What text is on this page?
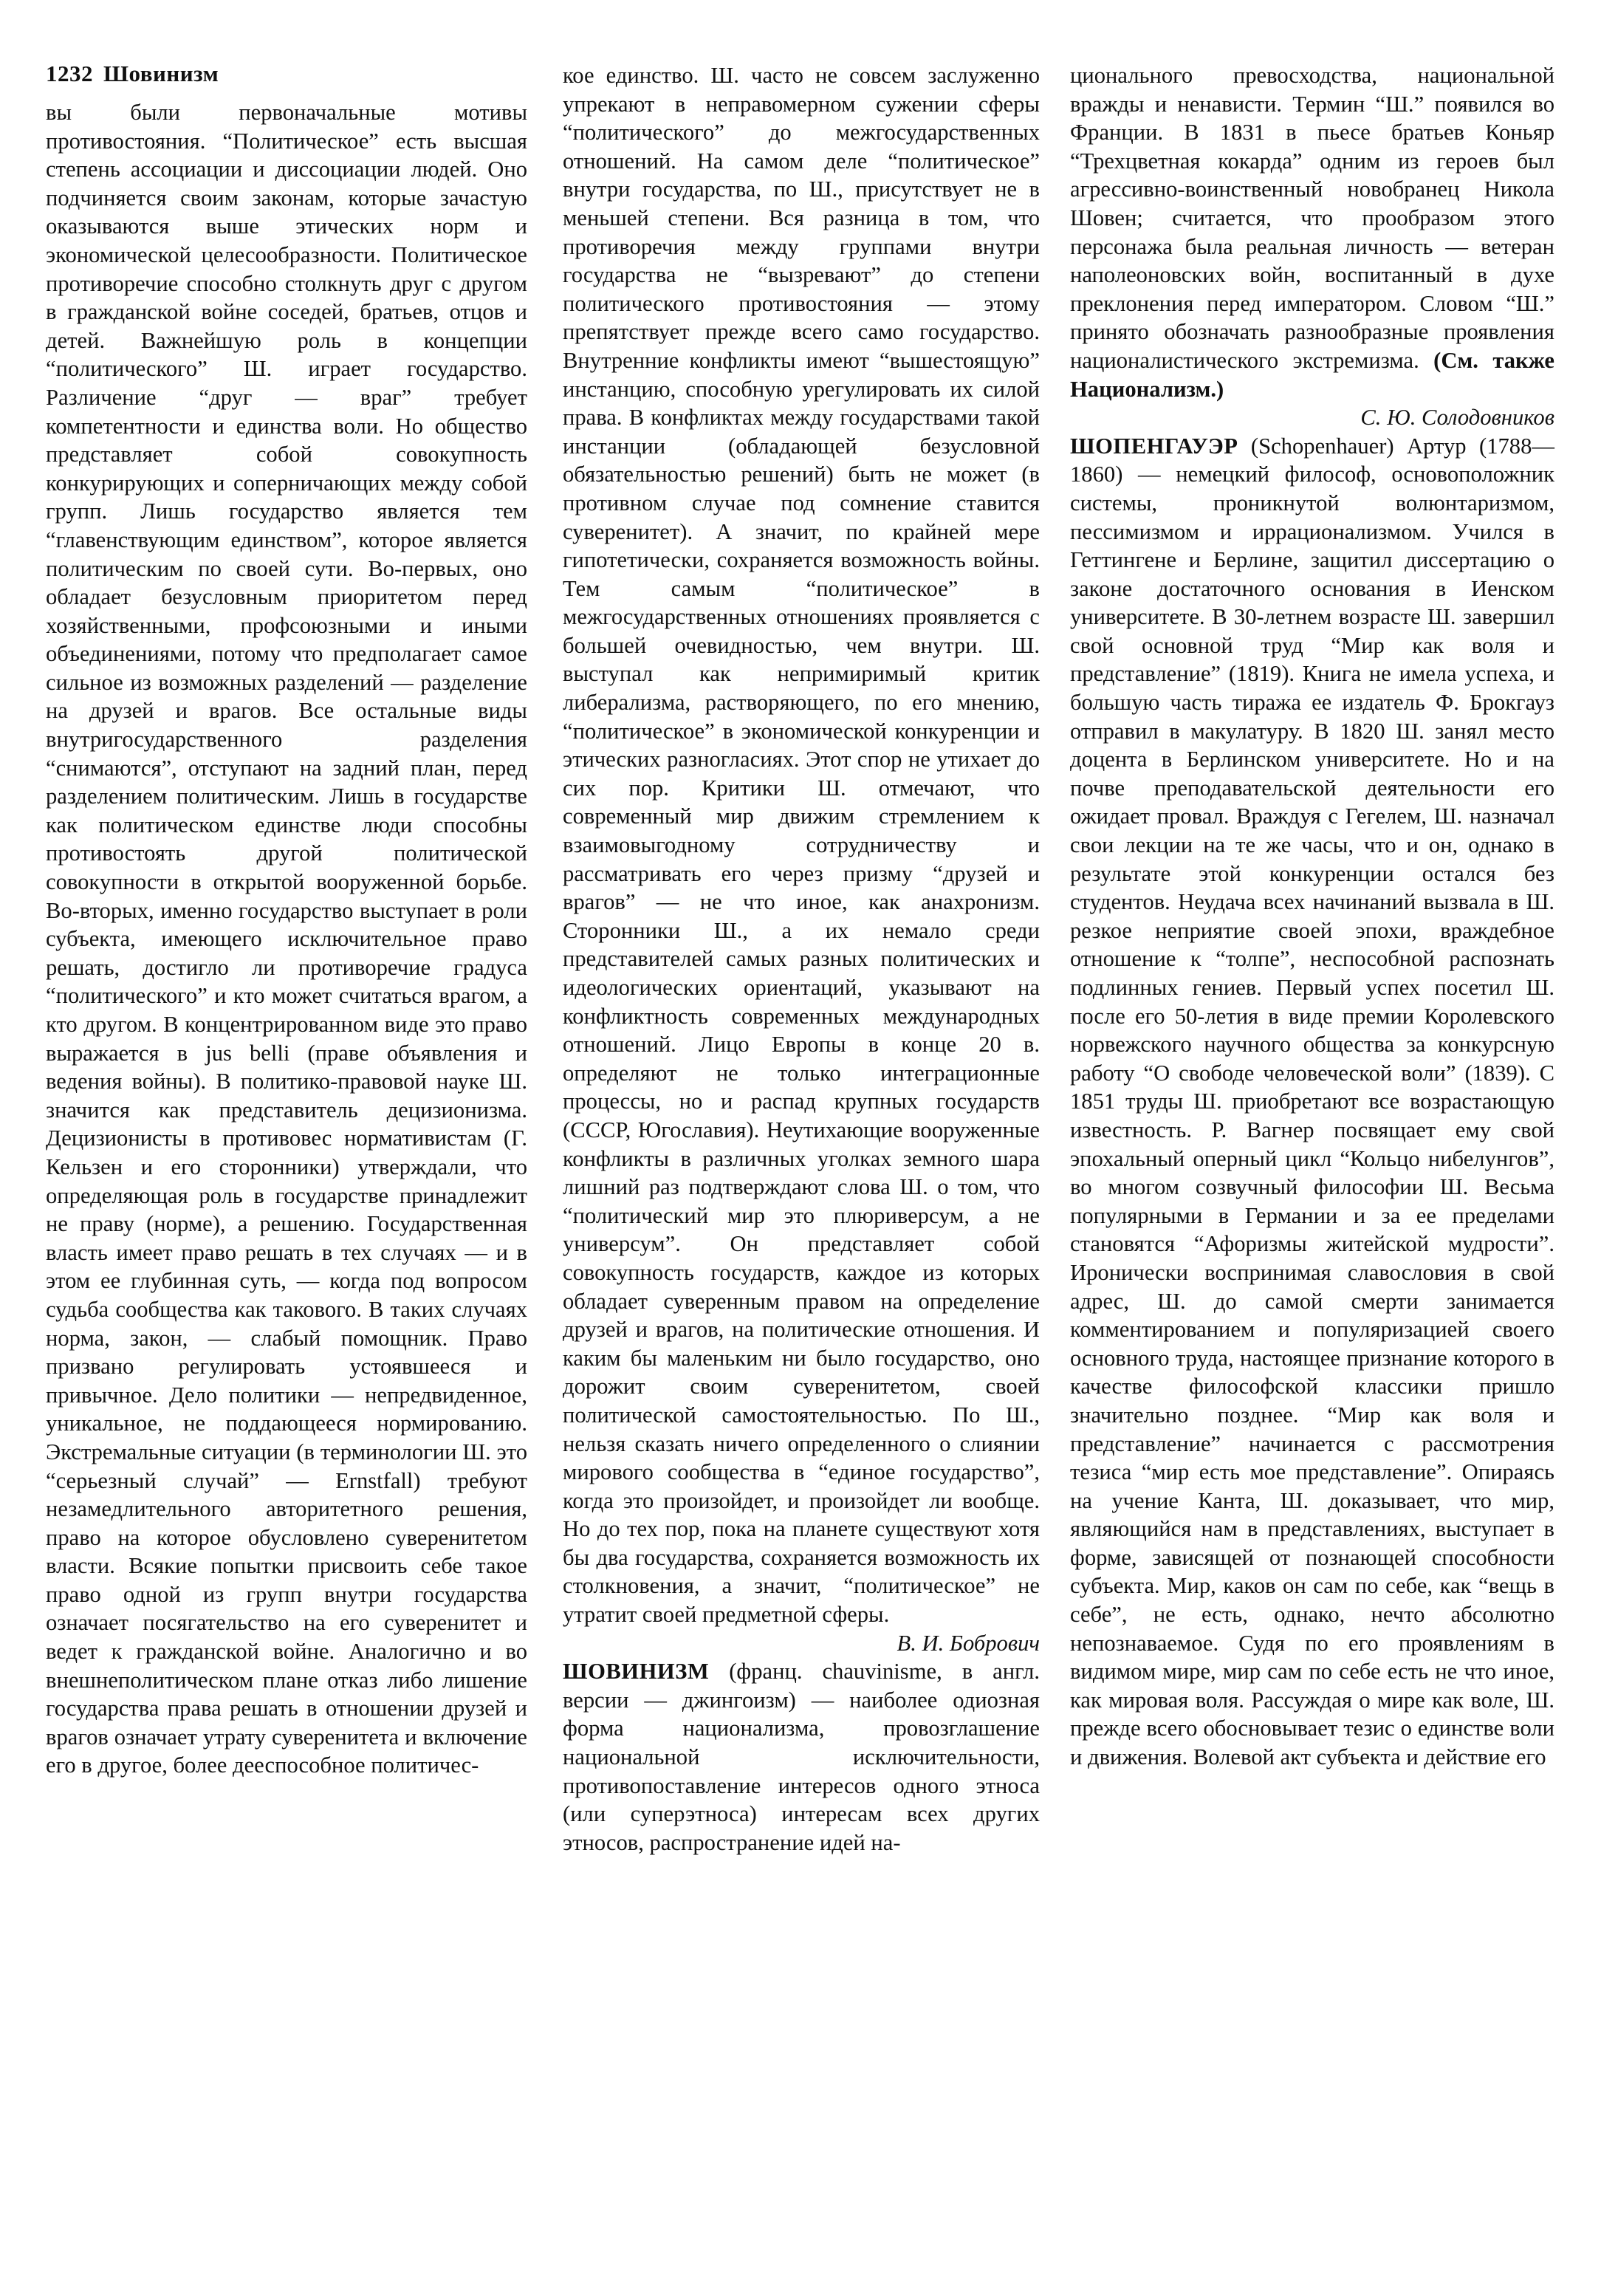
1232 Шовинизм

вы были первоначальные мотивы противостояния. “Политическое” есть высшая степень ассоциации и диссоциации людей. Оно подчиняется своим законам, которые зачастую оказываются выше этических норм и экономической целесообразности. Политическое противоречие способно столкнуть друг с другом в гражданской войне соседей, братьев, отцов и детей. Важнейшую роль в концепции “политического” Ш. играет государство. Различение “друг — враг” требует компетентности и единства воли. Но общество представляет собой совокупность конкурирующих и соперничающих между собой групп. Лишь государство является тем “главенствующим единством”, которое является политическим по своей сути. Во-первых, оно обладает безусловным приоритетом перед хозяйственными, профсоюзными и иными объединениями, потому что предполагает самое сильное из возможных разделений — разделение на друзей и врагов. Все остальные виды внутригосударственного разделения “снимаются”, отступают на задний план, перед разделением политическим. Лишь в государстве как политическом единстве люди способны противостоять другой политической совокупности в открытой вооруженной борьбе. Во-вторых, именно государство выступает в роли субъекта, имеющего исключительное право решать, достигло ли противоречие градуса “политического” и кто может считаться врагом, а кто другом. В концентрированном виде это право выражается в jus belli (праве объявления и ведения войны). В политико-правовой науке Ш. значится как представитель децизионизма. Децизионисты в противовес нормативистам (Г. Кельзен и его сторонники) утверждали, что определяющая роль в государстве принадлежит не праву (норме), а решению. Государственная власть имеет право решать в тех случаях — и в этом ее глубинная суть, — когда под вопросом судьба сообщества как такового. В таких случаях норма, закон, — слабый помощник. Право призвано регулировать устоявшееся и привычное. Дело политики — непредвиденное, уникальное, не поддающееся нормированию. Экстремальные ситуации (в терминологии Ш. это “серьезный случай” — Ernstfall) требуют незамедлительного авторитетного решения, право на которое обусловлено суверенитетом власти. Всякие попытки присвоить себе такое право одной из групп внутри государства означает посягательство на его суверенитет и ведет к гражданской войне. Аналогично и во внешнеполитическом плане отказ либо лишение государства права решать в отношении друзей и врагов означает утрату суверенитета и включение его в другое, более дееспособное политичес-

кое единство. Ш. часто не совсем заслуженно упрекают в неправомерном сужении сферы “политического” до межгосударственных отношений. На самом деле “политическое” внутри государства, по Ш., присутствует не в меньшей степени. Вся разница в том, что противоречия между группами внутри государства не “вызревают” до степени политического противостояния — этому препятствует прежде всего само государство. Внутренние конфликты имеют “вышестоящую” инстанцию, способную урегулировать их силой права. В конфликтах между государствами такой инстанции (обладающей безусловной обязательностью решений) быть не может (в противном случае под сомнение ставится суверенитет). А значит, по крайней мере гипотетически, сохраняется возможность войны. Тем самым “политическое” в межгосударственных отношениях проявляется с большей очевидностью, чем внутри. Ш. выступал как непримиримый критик либерализма, растворяющего, по его мнению, “политическое” в экономической конкуренции и этических разногласиях. Этот спор не утихает до сих пор. Критики Ш. отмечают, что современный мир движим стремлением к взаимовыгодному сотрудничеству и рассматривать его через призму “друзей и врагов” — не что иное, как анахронизм. Сторонники Ш., а их немало среди представителей самых разных политических и идеологических ориентаций, указывают на конфликтность современных международных отношений. Лицо Европы в конце 20 в. определяют не только интеграционные процессы, но и распад крупных государств (СССР, Югославия). Неутихающие вооруженные конфликты в различных уголках земного шара лишний раз подтверждают слова Ш. о том, что “политический мир это плюриверсум, а не универсум”. Он представляет собой совокупность государств, каждое из которых обладает суверенным правом на определение друзей и врагов, на политические отношения. И каким бы маленьким ни было государство, оно дорожит своим суверенитетом, своей политической самостоятельностью. По Ш., нельзя сказать ничего определенного о слиянии мирового сообщества в “единое государство”, когда это произойдет, и произойдет ли вообще. Но до тех пор, пока на планете существуют хотя бы два государства, сохраняется возможность их столкновения, а значит, “политическое” не утратит своей предметной сферы.

В. И. Бобрович

ШОВИНИЗМ (франц. chauvinisme, в англ. версии — джингоизм) — наиболее одиозная форма национализма, провозглашение национальной исключительности, противопоставление интересов одного этноса (или суперэтноса) интересам всех других этносов, распространение идей на-

ционального превосходства, национальной вражды и ненависти. Термин “Ш.” появился во Франции. В 1831 в пьесе братьев Коньяр “Трехцветная кокарда” одним из героев был агрессивно-воинственный новобранец Никола Шовен; считается, что прообразом этого персонажа была реальная личность — ветеран наполеоновских войн, воспитанный в духе преклонения перед императором. Словом “Ш.” принято обозначать разнообразные проявления националистического экстремизма. (См. также Национализм.)

С. Ю. Солодовников

ШОПЕНГАУЭР (Schopenhauer) Артур (1788—1860) — немецкий философ, основоположник системы, проникнутой волюнтаризмом, пессимизмом и иррационализмом. Учился в Геттингене и Берлине, защитил диссертацию о законе достаточного основания в Иенском университете. В 30-летнем возрасте Ш. завершил свой основной труд “Мир как воля и представление” (1819). Книга не имела успеха, и большую часть тиража ее издатель Ф. Брокгауз отправил в макулатуру. В 1820 Ш. занял место доцента в Берлинском университете. Но и на почве преподавательской деятельности его ожидает провал. Враждуя с Гегелем, Ш. назначал свои лекции на те же часы, что и он, однако в результате этой конкуренции остался без студентов. Неудача всех начинаний вызвала в Ш. резкое неприятие своей эпохи, враждебное отношение к “толпе”, неспособной распознать подлинных гениев. Первый успех посетил Ш. после его 50-летия в виде премии Королевского норвежского научного общества за конкурсную работу “О свободе человеческой воли” (1839). С 1851 труды Ш. приобретают все возрастающую известность. Р. Вагнер посвящает ему свой эпохальный оперный цикл “Кольцо нибелунгов”, во многом созвучный философии Ш. Весьма популярными в Германии и за ее пределами становятся “Афоризмы житейской мудрости”. Иронически воспринимая славословия в свой адрес, Ш. до самой смерти занимается комментированием и популяризацией своего основного труда, настоящее признание которого в качестве философской классики пришло значительно позднее. “Мир как воля и представление” начинается с рассмотрения тезиса “мир есть мое представление”. Опираясь на учение Канта, Ш. доказывает, что мир, являющийся нам в представлениях, выступает в форме, зависящей от познающей способности субъекта. Мир, каков он сам по себе, как “вещь в себе”, не есть, однако, нечто абсолютно непознаваемое. Судя по его проявлениям в видимом мире, мир сам по себе есть не что иное, как мировая воля. Рассуждая о мире как воле, Ш. прежде всего обосновывает тезис о единстве воли и движения. Волевой акт субъекта и действие его
